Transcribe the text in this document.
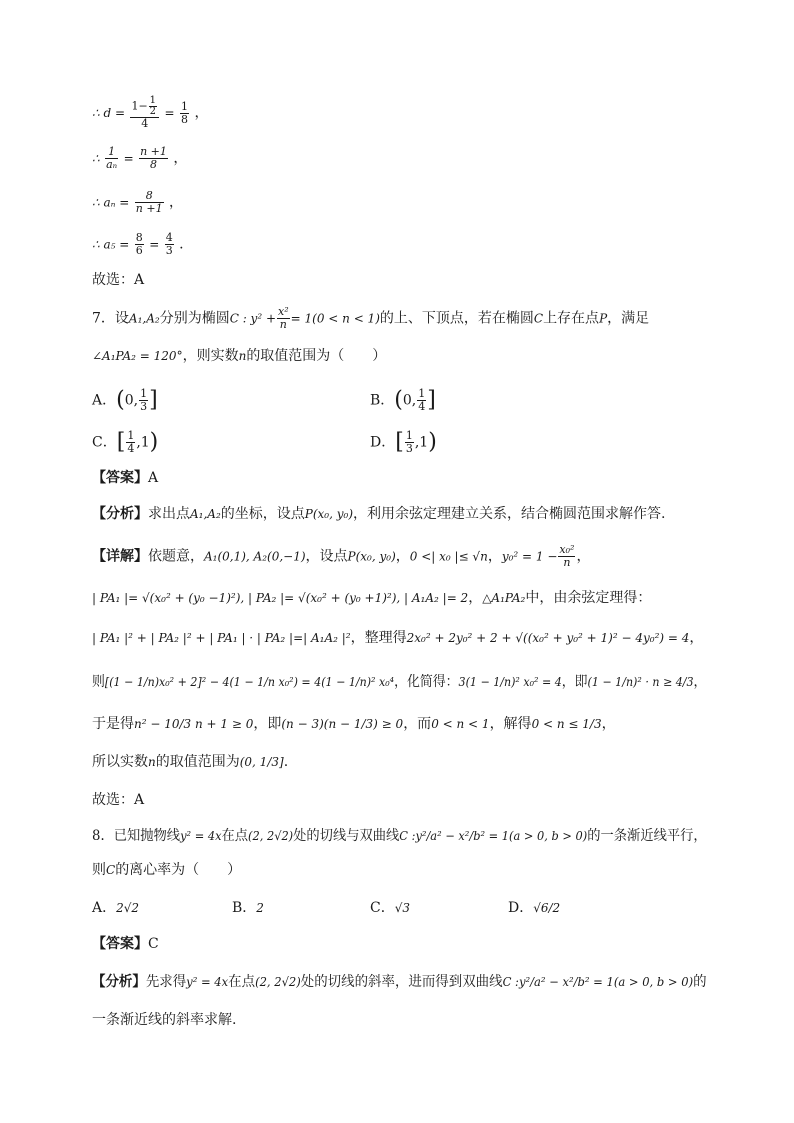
∴ $d = \frac{1- \frac{1}{2}}{4} = \frac{1}{8}$ ，
∴ $\frac{1}{\text{aₙ}} = \frac{n +1}{8}$ ，
∴ $a_n = \frac{8}{n +1}$ ，
∴ $a_5 = \frac{8}{6} = \frac{4}{3}$ .
故选：A
7．设A₁,A₂分别为椭圆C : $y^2 + \frac{\text{x²}}{n} = 1(0 < n < 1)$的上、下顶点，若在椭圆C上存在点P，满足
∠A₁PA₂ = 120°，则实数n的取值范围为（　　）
A．(0, $\frac{1}{3}$ ]	B．(0, $\frac{1}{4}$ ]
C．[ $\frac{1}{4} ,1$)	D．[ $\frac{1}{3} ,1$)
【答案】A
【分析】求出点A₁,A₂的坐标，设点P(x₀, y₀)，利用余弦定理建立关系，结合椭圆范围求解作答.
【详解】依题意，A₁(0,1), A₂(0,−1)，设点P(x₀, y₀)，0 <| x₀ |≤ √n，$y_0^2 = 1 - \frac{\text{x₀²}}{n}$ ，
| PA₁ |= √(x₀² + (y₀ −1)²), | PA₂ |= √(x₀² + (y₀ +1)²), | A₁A₂ |= 2，△A₁PA₂中，由余弦定理得：
| PA₁ |² + | PA₂ |² + | PA₁ | · | PA₂ |=| A₁A₂ |²，整理得2x₀² + 2y₀² + 2 + √((x₀² + y₀² + 1)² − 4y₀²) = 4，
则[(1 − 1/n)x₀² + 2]² − 4(1 − 1/n x₀²) = 4(1 − 1/n)² x₀⁴，化简得：3(1 − 1/n)² x₀² = 4，即(1 − 1/n)² · n ≥ 4/3，
于是得n² − 10/3 n + 1 ≥ 0，即(n − 3)(n − 1/3) ≥ 0，而0 < n < 1，解得0 < n ≤ 1/3，
所以实数n的取值范围为(0, 1/3].
故选：A
8．已知抛物线y² = 4x在点(2, 2√2)处的切线与双曲线C :y²/a² − x²/b² = 1(a > 0, b > 0)的一条渐近线平行，
则C的离心率为（　　）
A．2√2	B．2	C．√3	D．√6/2
【答案】C
【分析】先求得y² = 4x在点(2, 2√2)处的切线的斜率，进而得到双曲线C :y²/a² − x²/b² = 1(a > 0, b > 0)的
一条渐近线的斜率求解.
